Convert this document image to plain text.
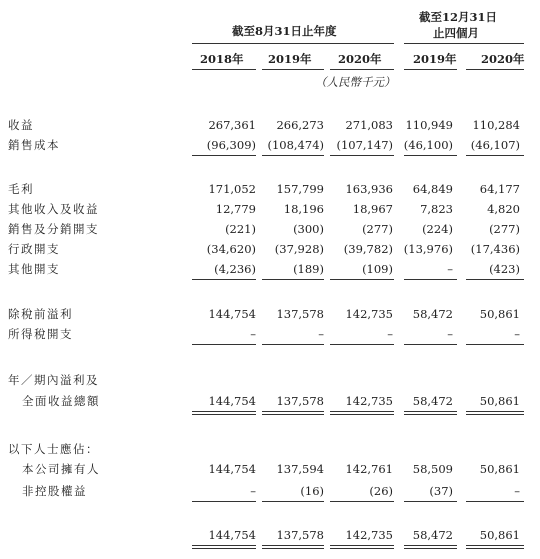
截至8月31日止年度
截至12月31日
止四個月
2018年 2019年 2020年	2019年 2020年
（人民幣千元）
收益	267,361 266,273 271,083 110,949 110,284
銷售成本	(96,309) (108,474) (107,147) (46,100) (46,107)
毛利	171,052 157,799 163,936 64,849 64,177
其他收入及收益	12,779 18,196	18,967 7,823	4,820
銷售及分銷開支	(221)	(300)	(277)	(224)	(277)
行政開支	(34,620) (37,928) (39,782) (13,976) (17,436)
其他開支	(4,236)	(189)	(109)	–	(423)
除稅前溢利	144,754 137,578 142,735 58,472 50,861
所得稅開支	–	–	–	–	–
年／期內溢利及
全面收益總額	144,754 137,578 142,735 58,472 50,861
以下人士應佔：
本公司擁有人	144,754 137,594 142,761 58,509 50,861
非控股權益	–	(16)	(26)	(37)	–
144,754 137,578 142,735 58,472 50,861
